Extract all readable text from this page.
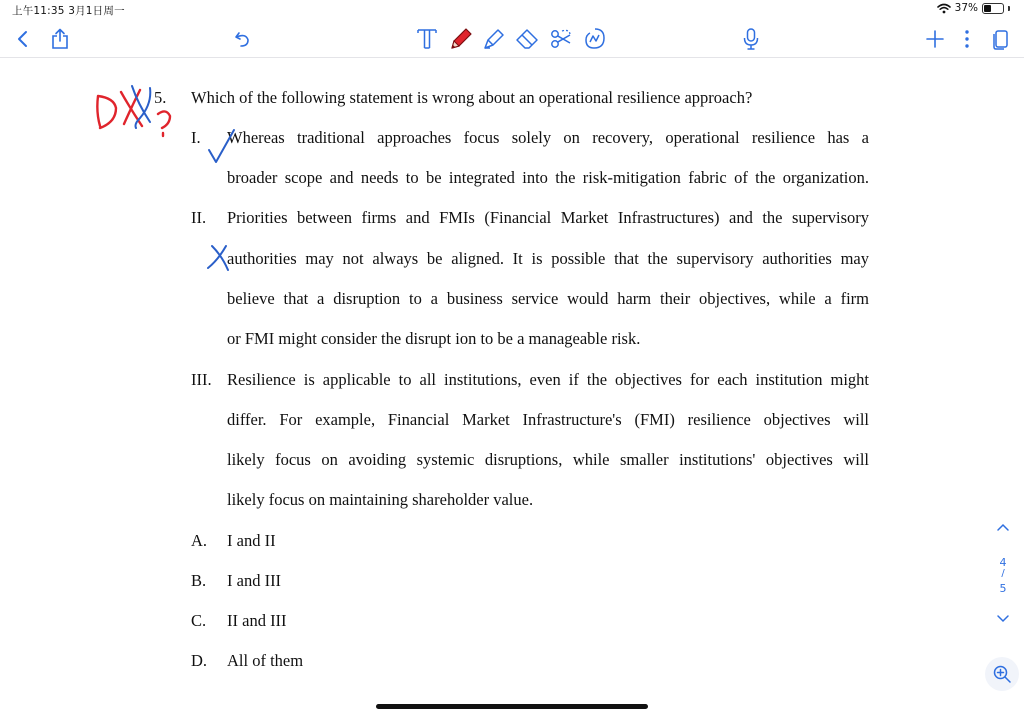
上午11:35 3月1日周一	37%
5. Which of the following statement is wrong about an operational resilience approach?
I. Whereas traditional approaches focus solely on recovery, operational resilience has a
broader scope and needs to be integrated into the risk-mitigation fabric of the organization.
II. Priorities between firms and FMIs (Financial Market Infrastructures) and the supervisory
authorities may not always be aligned. It is possible that the supervisory authorities may
believe that a disruption to a business service would harm their objectives, while a firm
or FMI might consider the disrupt ion to be a manageable risk.
III. Resilience is applicable to all institutions, even if the objectives for each institution might
differ. For example, Financial Market Infrastructure's (FMI) resilience objectives will
likely focus on avoiding systemic disruptions, while smaller institutions' objectives will
likely focus on maintaining shareholder value.
A. I and II
B. I and III
C. II and III
D. All of them
4
/
5
